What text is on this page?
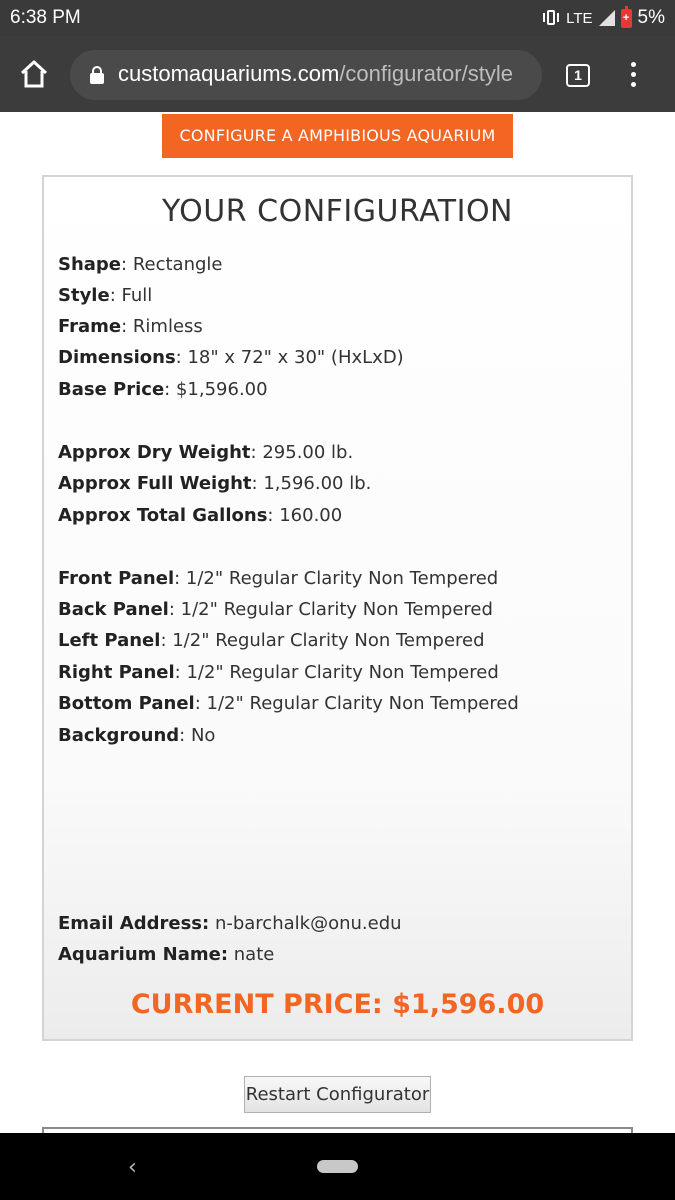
6:38 PM	LTE	+ 5%
customaquariums.com/configurator/stylе	1
CONFIGURE A AMPHIBIOUS AQUARIUM
YOUR CONFIGURATION
Shape: Rectangle
Style: Full
Frame: Rimless
Dimensions: 18" x 72" x 30" (HxLxD)
Base Price: $1,596.00
Approx Dry Weight: 295.00 lb.
Approx Full Weight: 1,596.00 lb.
Approx Total Gallons: 160.00
Front Panel: 1/2" Regular Clarity Non Tempered
Back Panel: 1/2" Regular Clarity Non Tempered
Left Panel: 1/2" Regular Clarity Non Tempered
Right Panel: 1/2" Regular Clarity Non Tempered
Bottom Panel: 1/2" Regular Clarity Non Tempered
Background: No
Email Address: n-barchalk@onu.edu
Aquarium Name: nate
CURRENT PRICE: $1,596.00
Restart Configurator
‹
